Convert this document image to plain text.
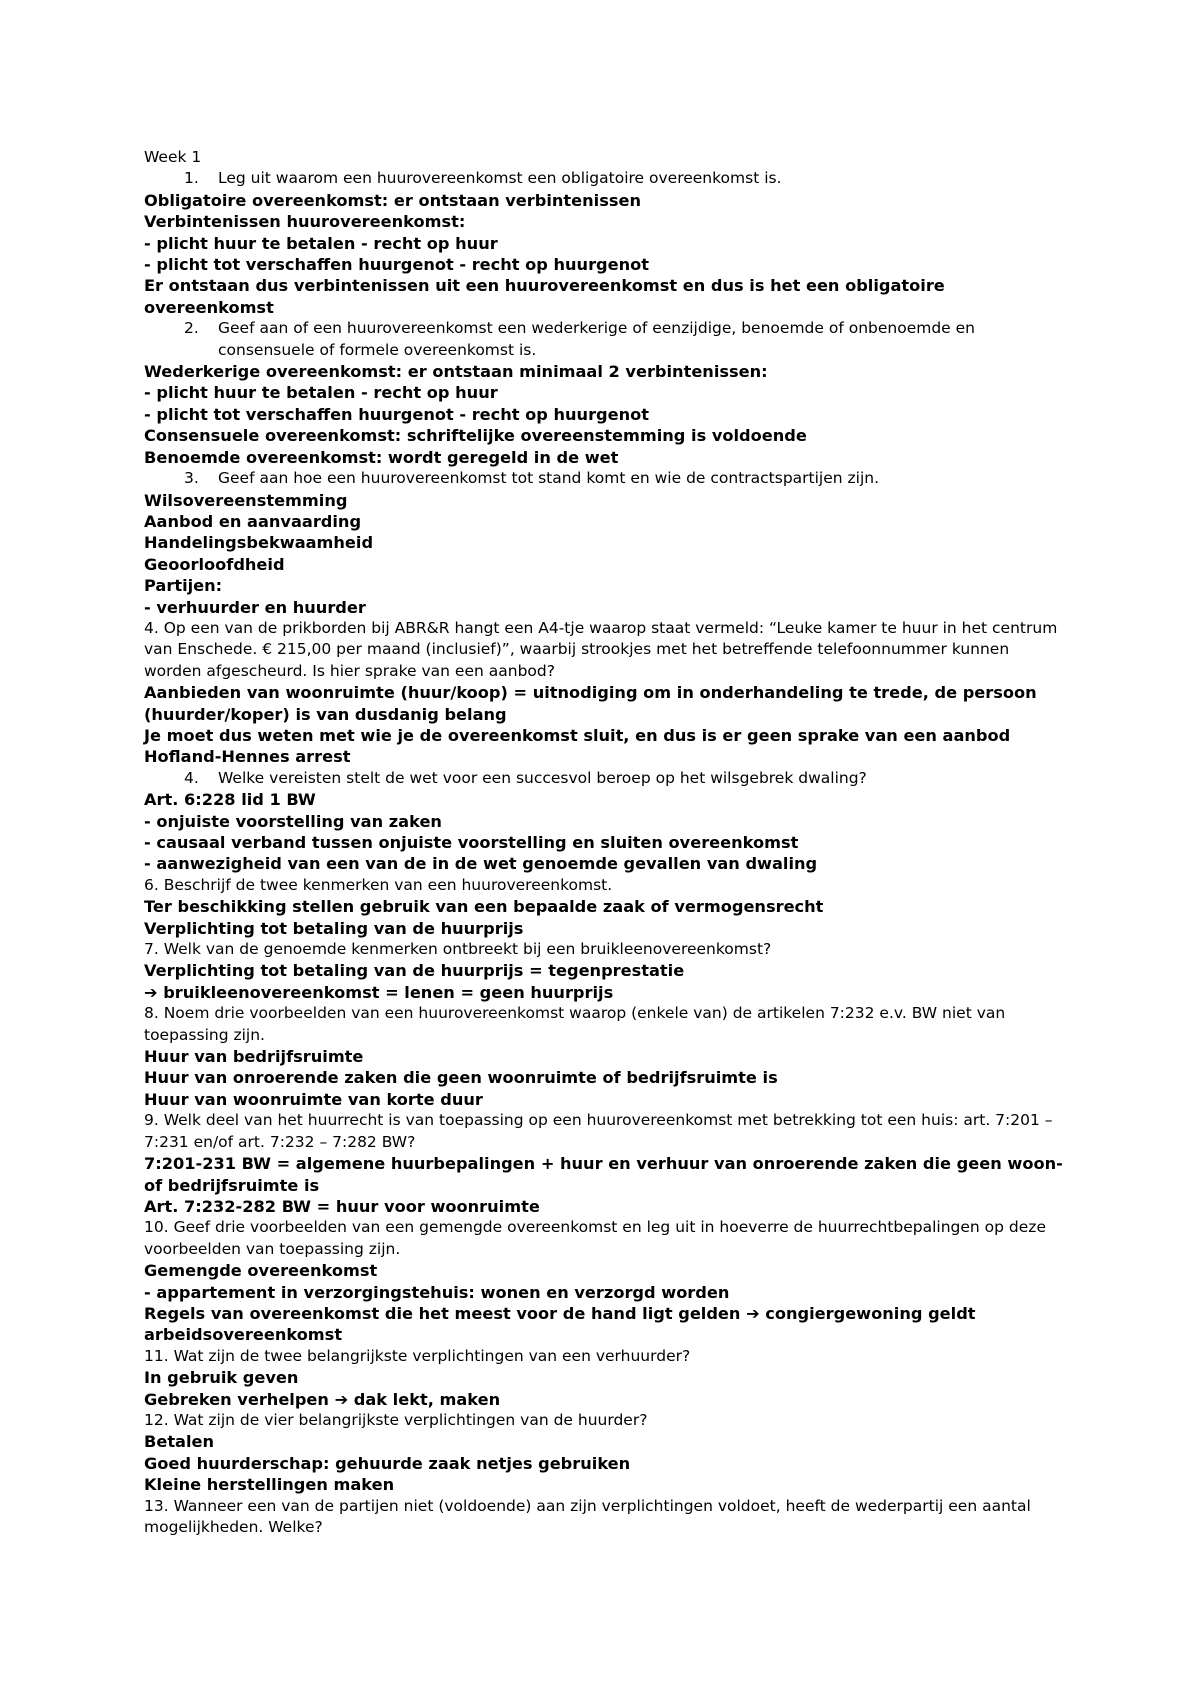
Week 1

1.	Leg uit waarom een huurovereenkomst een obligatoire overeenkomst is.

Obligatoire overeenkomst: er ontstaan verbintenissen

Verbintenissen huurovereenkomst:

- plicht huur te betalen - recht op huur

- plicht tot verschaffen huurgenot - recht op huurgenot

Er ontstaan dus verbintenissen uit een huurovereenkomst en dus is het een obligatoire overeenkomst

2.	Geef aan of een huurovereenkomst een wederkerige of eenzijdige, benoemde of onbenoemde en consensuele of formele overeenkomst is.

Wederkerige overeenkomst: er ontstaan minimaal 2 verbintenissen:

- plicht huur te betalen - recht op huur

- plicht tot verschaffen huurgenot - recht op huurgenot

Consensuele overeenkomst: schriftelijke overeenstemming is voldoende

Benoemde overeenkomst: wordt geregeld in de wet

3.	Geef aan hoe een huurovereenkomst tot stand komt en wie de contractspartijen zijn.

Wilsovereenstemming

Aanbod en aanvaarding

Handelingsbekwaamheid

Geoorloofdheid

Partijen:

- verhuurder en huurder

4. Op een van de prikborden bij ABR&R hangt een A4-tje waarop staat vermeld: “Leuke kamer te huur in het centrum van Enschede. € 215,00 per maand (inclusief)”, waarbij strookjes met het betreffende telefoonnummer kunnen worden afgescheurd. Is hier sprake van een aanbod?

Aanbieden van woonruimte (huur/koop) = uitnodiging om in onderhandeling te trede, de persoon (huurder/koper) is van dusdanig belang

Je moet dus weten met wie je de overeenkomst sluit, en dus is er geen sprake van een aanbod

Hofland-Hennes arrest

4.	Welke vereisten stelt de wet voor een succesvol beroep op het wilsgebrek dwaling?

Art. 6:228 lid 1 BW

- onjuiste voorstelling van zaken

- causaal verband tussen onjuiste voorstelling en sluiten overeenkomst

- aanwezigheid van een van de in de wet genoemde gevallen van dwaling

6. Beschrijf de twee kenmerken van een huurovereenkomst.

Ter beschikking stellen gebruik van een bepaalde zaak of vermogensrecht

Verplichting tot betaling van de huurprijs

7. Welk van de genoemde kenmerken ontbreekt bij een bruikleenovereenkomst?

Verplichting tot betaling van de huurprijs = tegenprestatie

➔ bruikleenovereenkomst = lenen = geen huurprijs

8. Noem drie voorbeelden van een huurovereenkomst waarop (enkele van) de artikelen 7:232 e.v. BW niet van toepassing zijn.

Huur van bedrijfsruimte

Huur van onroerende zaken die geen woonruimte of bedrijfsruimte is

Huur van woonruimte van korte duur

9. Welk deel van het huurrecht is van toepassing op een huurovereenkomst met betrekking tot een huis: art. 7:201 – 7:231 en/of art. 7:232 – 7:282 BW?

7:201-231 BW = algemene huurbepalingen + huur en verhuur van onroerende zaken die geen woon- of bedrijfsruimte is

Art. 7:232-282 BW = huur voor woonruimte

10. Geef drie voorbeelden van een gemengde overeenkomst en leg uit in hoeverre de huurrechtbepalingen op deze voorbeelden van toepassing zijn.

Gemengde overeenkomst

- appartement in verzorgingstehuis: wonen en verzorgd worden

Regels van overeenkomst die het meest voor de hand ligt gelden ➔ congiergewoning geldt arbeidsovereenkomst

11. Wat zijn de twee belangrijkste verplichtingen van een verhuurder?

In gebruik geven

Gebreken verhelpen ➔ dak lekt, maken

12. Wat zijn de vier belangrijkste verplichtingen van de huurder?

Betalen

Goed huurderschap: gehuurde zaak netjes gebruiken

Kleine herstellingen maken

13. Wanneer een van de partijen niet (voldoende) aan zijn verplichtingen voldoet, heeft de wederpartij een aantal mogelijkheden. Welke?
